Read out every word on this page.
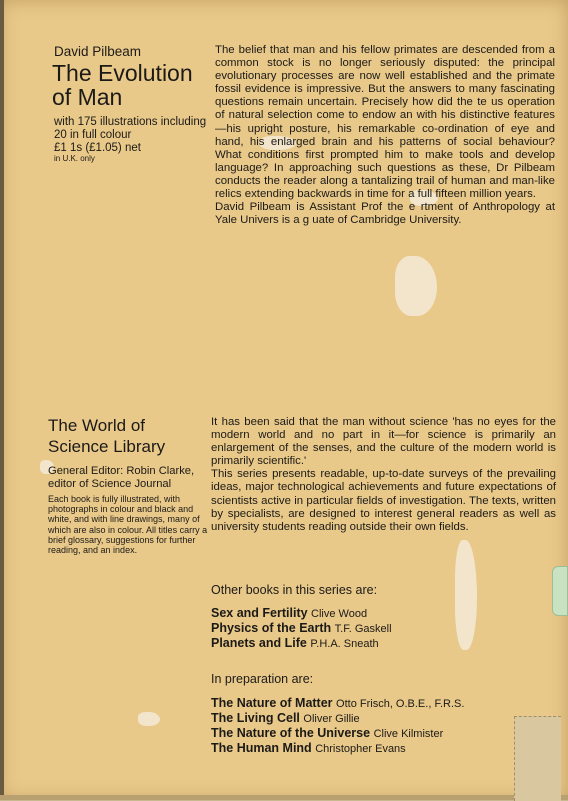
David Pilbeam
The Evolution of Man
with 175 illustrations including 20 in full colour
£1 1s (£1.05) net
in U.K. only
The belief that man and his fellow primates are descended from a common stock is no longer seriously disputed: the principal evolutionary processes are now well established and the primate fossil evidence is impressive. But the answers to many fascinating questions remain uncertain. Precisely how did the te us operation of natural selection come to endow an with his distinctive features—his upright posture, his remarkable co-ordination of eye and hand, his enlarged brain and his patterns of social behaviour? What conditions first prompted him to make tools and develop language? In approaching such questions as these, Dr Pilbeam conducts the reader along a tantalizing trail of human and man-like relics extending backwards in time for a full fifteen million years.
David Pilbeam is Assistant Prof the e rtment of Anthropology at Yale Univers is a g uate of Cambridge University.
The World of Science Library
General Editor: Robin Clarke, editor of Science Journal
Each book is fully illustrated, with photographs in colour and black and white, and with line drawings, many of which are also in colour. All titles carry a brief glossary, suggestions for further reading, and an index.
It has been said that the man without science 'has no eyes for the modern world and no part in it—for science is primarily an enlargement of the senses, and the culture of the modern world is primarily scientific.'
This series presents readable, up-to-date surveys of the prevailing ideas, major technological achievements and future expectations of scientists active in particular fields of investigation. The texts, written by specialists, are designed to interest general readers as well as university students reading outside their own fields.
Other books in this series are:
Sex and Fertility Clive Wood
Physics of the Earth T.F. Gaskell
Planets and Life P.H.A. Sneath
In preparation are:
The Nature of Matter Otto Frisch, O.B.E., F.R.S.
The Living Cell Oliver Gillie
The Nature of the Universe Clive Kilmister
The Human Mind Christopher Evans
